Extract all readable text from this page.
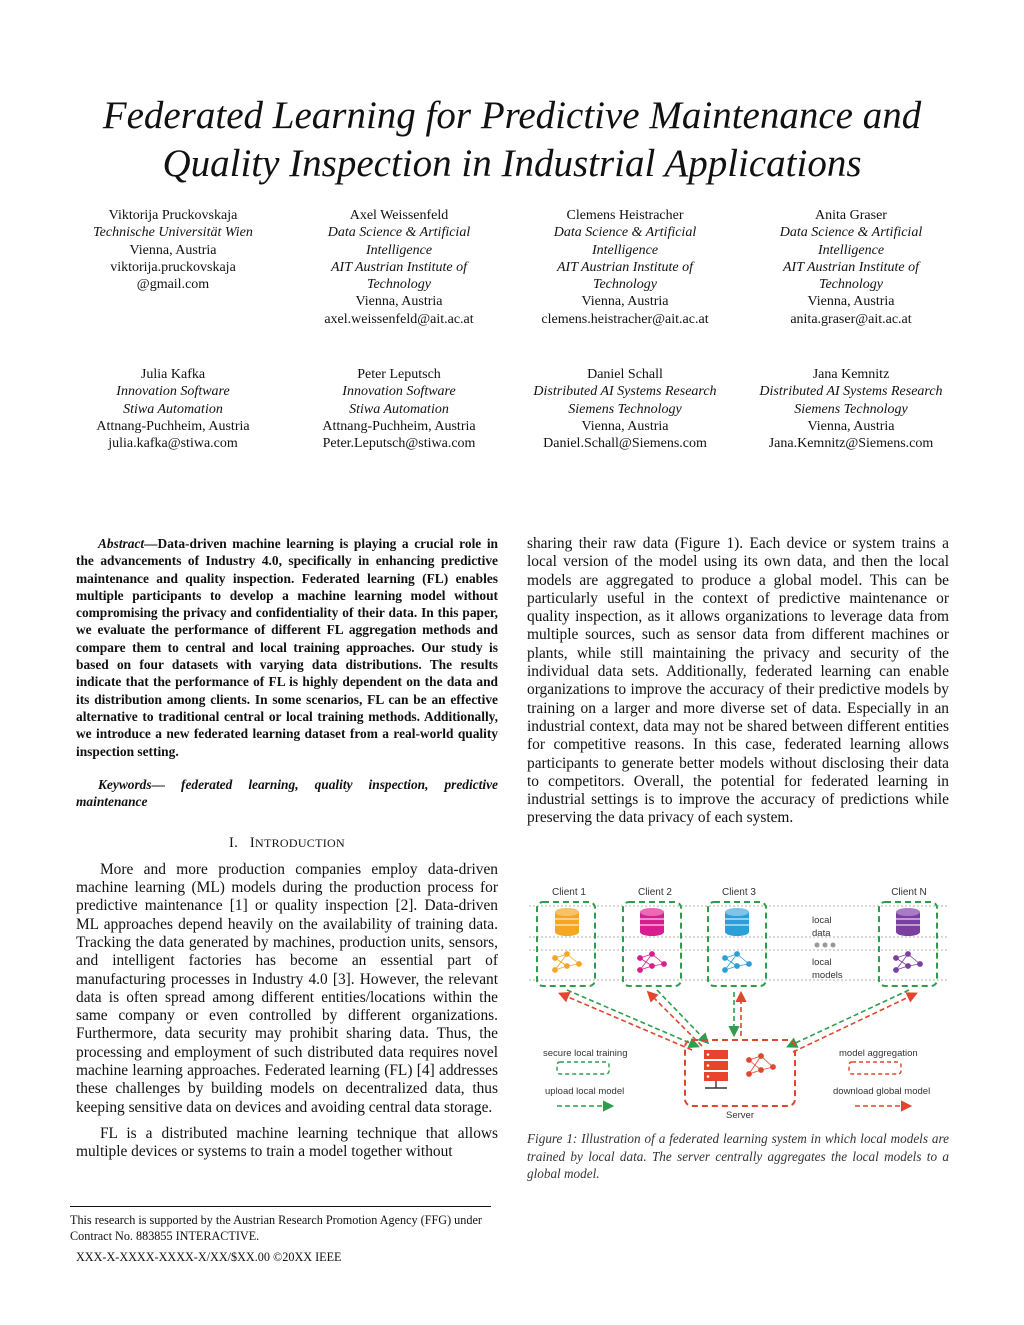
Federated Learning for Predictive Maintenance and
Quality Inspection in Industrial Applications
Viktorija Pruckovskaja
Technische Universität Wien
Vienna, Austria
viktorija.pruckovskaja
@gmail.com
Axel Weissenfeld
Data Science & Artificial
Intelligence
AIT Austrian Institute of
Technology
Vienna, Austria
axel.weissenfeld@ait.ac.at
Clemens Heistracher
Data Science & Artificial
Intelligence
AIT Austrian Institute of
Technology
Vienna, Austria
clemens.heistracher@ait.ac.at
Anita Graser
Data Science & Artificial
Intelligence
AIT Austrian Institute of
Technology
Vienna, Austria
anita.graser@ait.ac.at
Julia Kafka
Innovation Software
Stiwa Automation
Attnang-Puchheim, Austria
julia.kafka@stiwa.com
Peter Leputsch
Innovation Software
Stiwa Automation
Attnang-Puchheim, Austria
Peter.Leputsch@stiwa.com
Daniel Schall
Distributed AI Systems Research
Siemens Technology
Vienna, Austria
Daniel.Schall@Siemens.com
Jana Kemnitz
Distributed AI Systems Research
Siemens Technology
Vienna, Austria
Jana.Kemnitz@Siemens.com

Abstract—Data-driven machine learning is playing a crucial role in the advancements of Industry 4.0, specifically in enhancing predictive maintenance and quality inspection. Federated learning (FL) enables multiple participants to develop a machine learning model without compromising the privacy and confidentiality of their data. In this paper, we evaluate the performance of different FL aggregation methods and compare them to central and local training approaches. Our study is based on four datasets with varying data distributions. The results indicate that the performance of FL is highly dependent on the data and its distribution among clients. In some scenarios, FL can be an effective alternative to traditional central or local training methods. Additionally, we introduce a new federated learning dataset from a real-world quality inspection setting.

Keywords— federated learning, quality inspection, predictive maintenance

I. INTRODUCTION

More and more production companies employ data-driven machine learning (ML) models during the production process for predictive maintenance [1] or quality inspection [2]. Data-driven ML approaches depend heavily on the availability of training data. Tracking the data generated by machines, production units, sensors, and intelligent factories has become an essential part of manufacturing processes in Industry 4.0 [3]. However, the relevant data is often spread among different entities/locations within the same company or even controlled by different organizations. Furthermore, data security may prohibit sharing data. Thus, the processing and employment of such distributed data requires novel machine learning approaches. Federated learning (FL) [4] addresses these challenges by building models on decentralized data, thus keeping sensitive data on devices and avoiding central data storage.

FL is a distributed machine learning technique that allows multiple devices or systems to train a model together without

sharing their raw data (Figure 1). Each device or system trains a local version of the model using its own data, and then the local models are aggregated to produce a global model. This can be particularly useful in the context of predictive maintenance or quality inspection, as it allows organizations to leverage data from multiple sources, such as sensor data from different machines or plants, while still maintaining the privacy and security of the individual data sets. Additionally, federated learning can enable organizations to improve the accuracy of their predictive models by training on a larger and more diverse set of data. Especially in an industrial context, data may not be shared between different entities for competitive reasons. In this case, federated learning allows participants to generate better models without disclosing their data to competitors. Overall, the potential for federated learning in industrial settings is to improve the accuracy of predictions while preserving the data privacy of each system.

Client 1	Client 2	Client 3	Client N
local
data
local
models
Server
secure local training
upload local model
model aggregation
download global model
Figure 1: Illustration of a federated learning system in which local models are trained by local data. The server centrally aggregates the local models to a global model.
This research is supported by the Austrian Research Promotion Agency (FFG) under Contract No. 883855 INTERACTIVE.
XXX-X-XXXX-XXXX-X/XX/$XX.00 ©20XX IEEE
